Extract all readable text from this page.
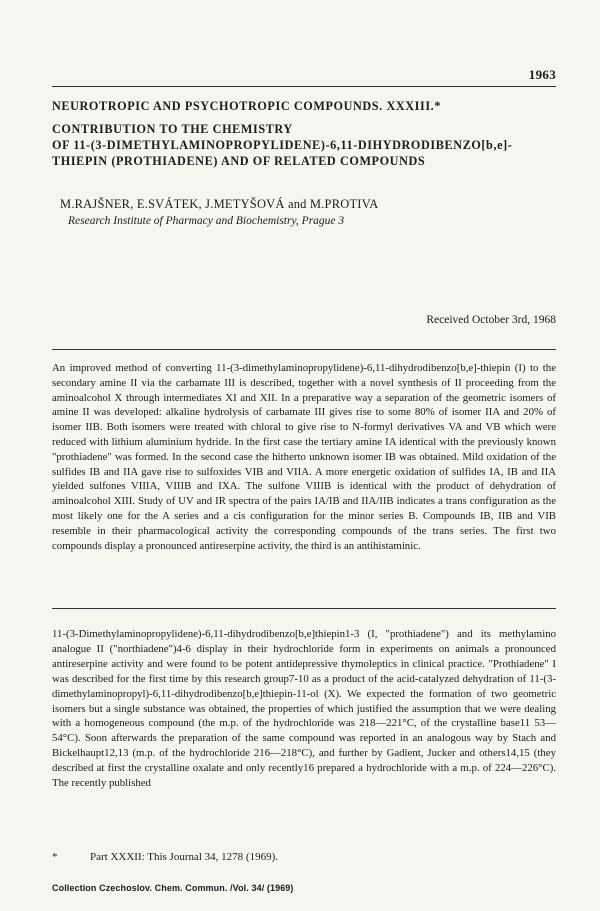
1963
NEUROTROPIC AND PSYCHOTROPIC COMPOUNDS. XXXIII.*
CONTRIBUTION TO THE CHEMISTRY
OF 11-(3-DIMETHYLAMINOPROPYLIDENE)-6,11-DIHYDRODIBENZO[b,e]-
THIEPIN (PROTHIADENE) AND OF RELATED COMPOUNDS
M.RAJŠNER, E.SVÁTEK, J.METYŠOVÁ and M.PROTIVA
Research Institute of Pharmacy and Biochemistry, Prague 3
Received October 3rd, 1968

An improved method of converting 11-(3-dimethylaminopropylidene)-6,11-dihydrodibenzo[b,e]-thiepin (I) to the secondary amine II via the carbamate III is described, together with a novel synthesis of II proceeding from the aminoalcohol X through intermediates XI and XII. In a preparative way a separation of the geometric isomers of amine II was developed: alkaline hydrolysis of carbamate III gives rise to some 80% of isomer IIA and 20% of isomer IIB. Both isomers were treated with chloral to give rise to N-formyl derivatives VA and VB which were reduced with lithium aluminium hydride. In the first case the tertiary amine IA identical with the previously known "prothiadene" was formed. In the second case the hitherto unknown isomer IB was obtained. Mild oxidation of the sulfides IB and IIA gave rise to sulfoxides VIB and VIIA. A more energetic oxidation of sulfides IA, IB and IIA yielded sulfones VIIIA, VIIIB and IXA. The sulfone VIIIB is identical with the product of dehydration of aminoalcohol XIII. Study of UV and IR spectra of the pairs IA/IB and IIA/IIB indicates a trans configuration as the most likely one for the A series and a cis configuration for the minor series B. Compounds IB, IIB and VIB resemble in their pharmacological activity the corresponding compounds of the trans series. The first two compounds display a pronounced antireserpine activity, the third is an antihistaminic.

11-(3-Dimethylaminopropylidene)-6,11-dihydrodibenzo[b,e]thiepin1-3 (I, "prothiadene") and its methylamino analogue II ("northiadene")4-6 display in their hydrochloride form in experiments on animals a pronounced antireserpine activity and were found to be potent antidepressive thymoleptics in clinical practice. "Prothiadene" I was described for the first time by this research group7-10 as a product of the acid-catalyzed dehydration of 11-(3-dimethylaminopropyl)-6,11-dihydrodibenzo[b,e]thiepin-11-ol (X). We expected the formation of two geometric isomers but a single substance was obtained, the properties of which justified the assumption that we were dealing with a homogeneous compound (the m.p. of the hydrochloride was 218—221°C, of the crystalline base11 53—54°C). Soon afterwards the preparation of the same compound was reported in an analogous way by Stach and Bickelhaupt12,13 (m.p. of the hydrochloride 216—218°C), and further by Gadient, Jucker and others14,15 (they described at first the crystalline oxalate and only recently16 prepared a hydrochloride with a m.p. of 224—226°C). The recently published

*	Part XXXII: This Journal 34, 1278 (1969).
Collection Czechoslov. Chem. Commun. /Vol. 34/ (1969)
